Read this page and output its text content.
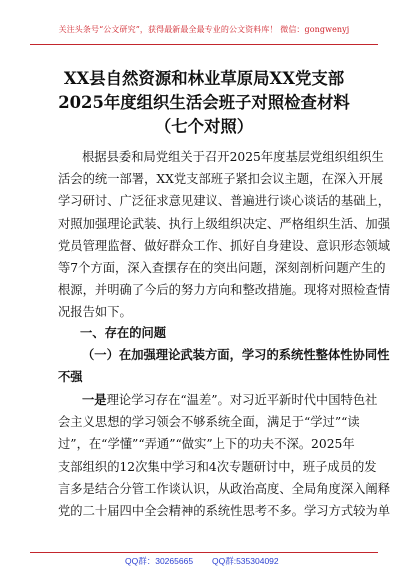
关注头条号“公文研究”，获得最新最全最专业的公文资料库！ 微信：gongwenyj
XX县自然资源和林业草原局XX党支部
2025年度组织生活会班子对照检查材料
（七个对照）
根据县委和局党组关于召开2025年度基层党组织组织生
活会的统一部署，XX党支部班子紧扣会议主题，在深入开展
学习研讨、广泛征求意见建议、普遍进行谈心谈话的基础上，
对照加强理论武装、执行上级组织决定、严格组织生活、加强
党员管理监督、做好群众工作、抓好自身建设、意识形态领域
等7个方面，深入查摆存在的突出问题，深刻剖析问题产生的
根源，并明确了今后的努力方向和整改措施。现将对照检查情
况报告如下。
一、存在的问题
（一）在加强理论武装方面，学习的系统性整体性协同性
不强
一是理论学习存在“温差”。对习近平新时代中国特色社
会主义思想的学习领会不够系统全面，满足于“学过”“读
过”，在“学懂”“弄通”“做实”上下的功夫不深。2025年
支部组织的12次集中学习和4次专题研讨中，班子成员的发
言多是结合分管工作谈认识，从政治高度、全局角度深入阐释
党的二十届四中全会精神的系统性思考不多。学习方式较为单
QQ群：30265665 QQ群:535304092
